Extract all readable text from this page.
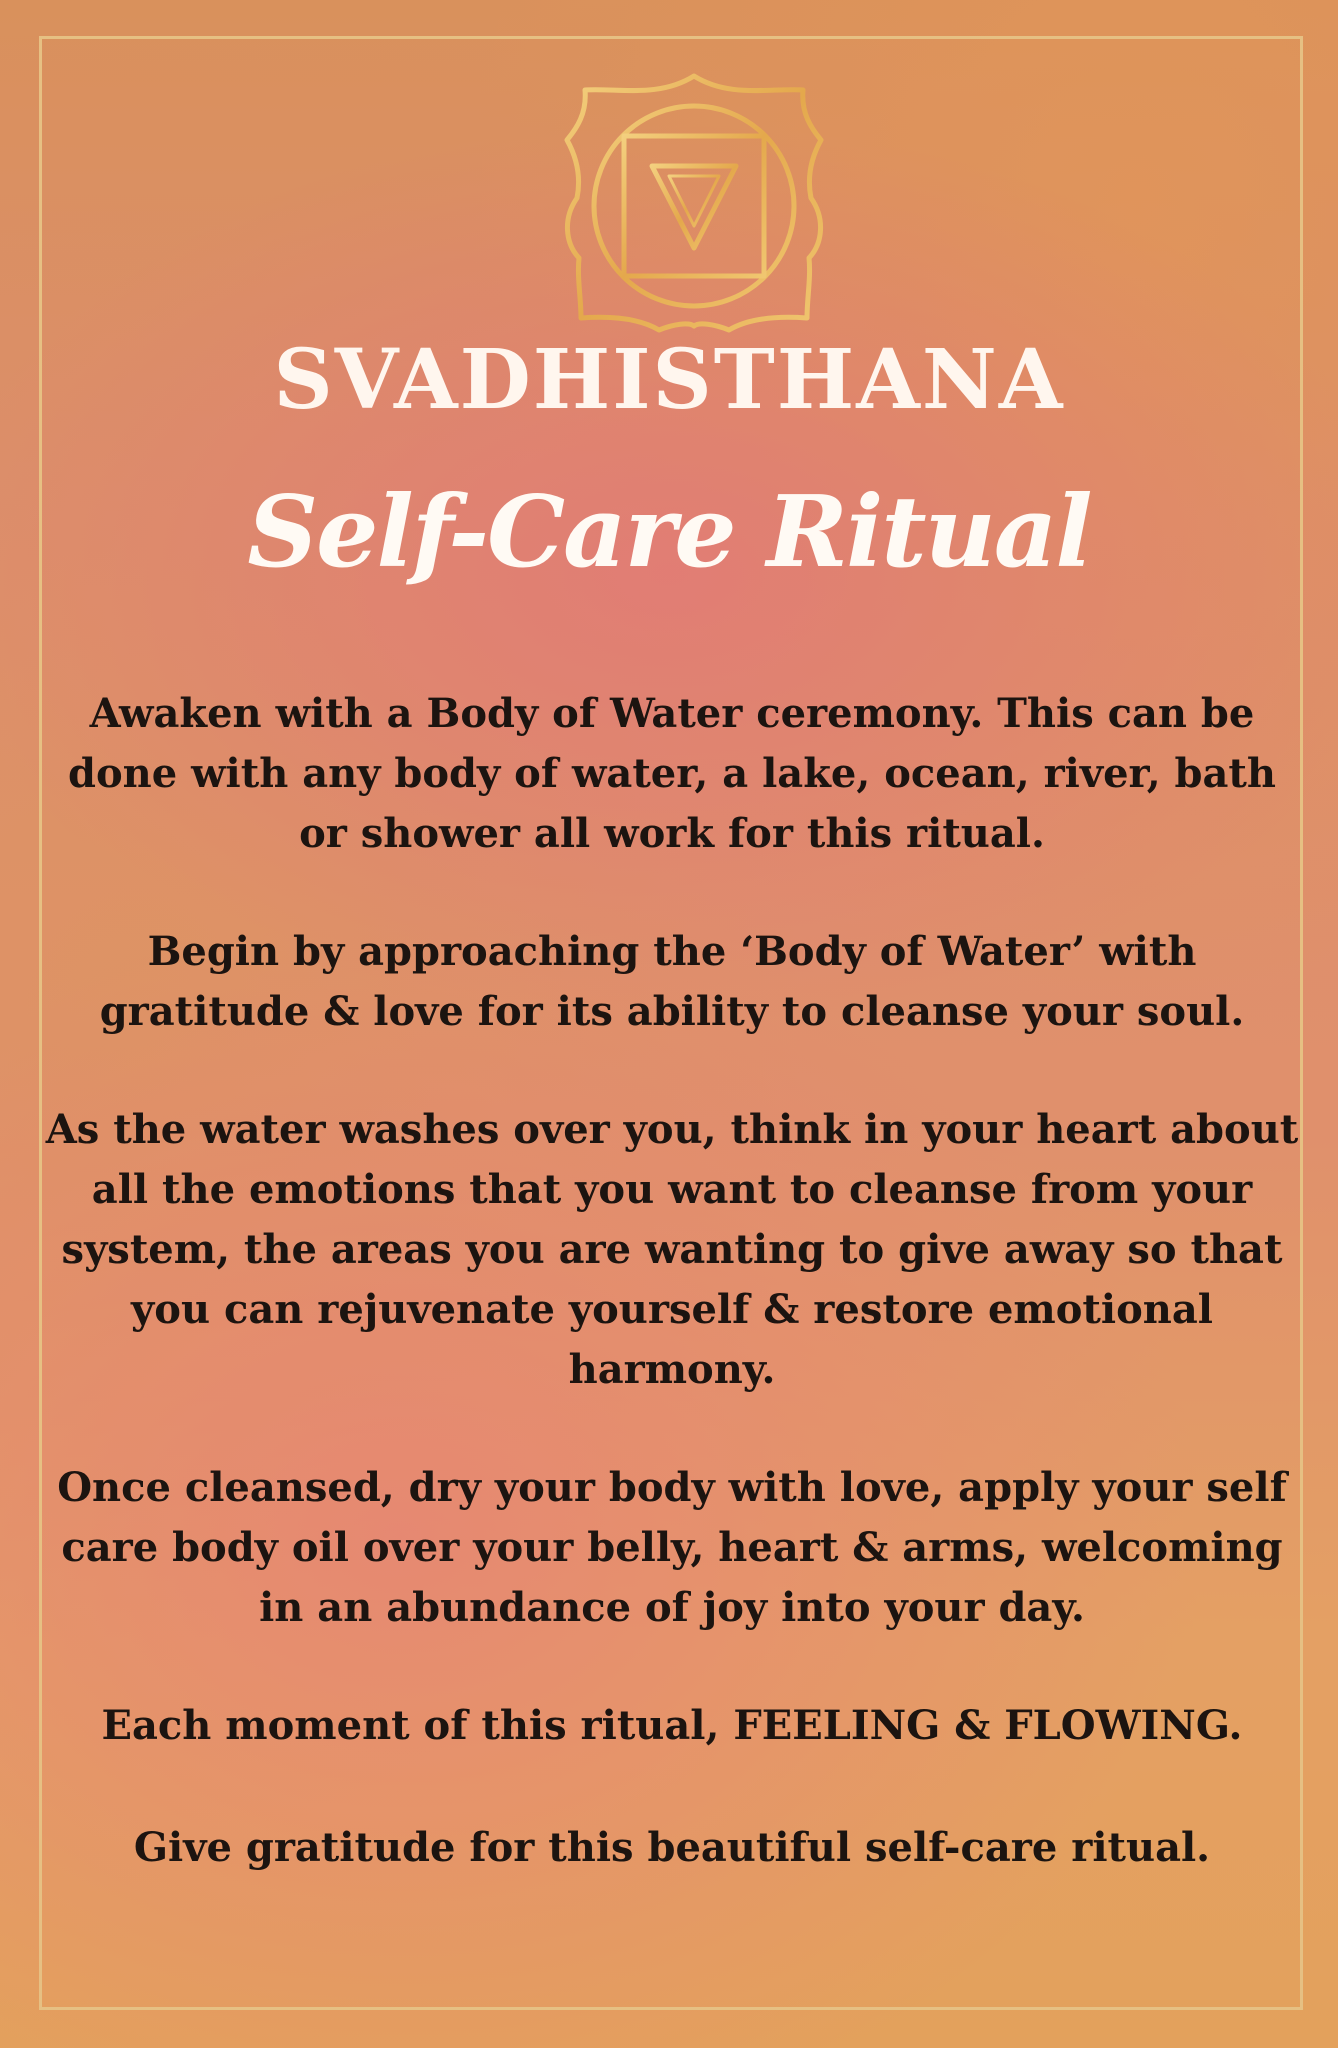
SVADHISTHANA
Self-Care Ritual

Awaken with a Body of Water ceremony. This can be done with any body of water, a lake, ocean, river, bath or shower all work for this ritual.

Begin by approaching the ‘Body of Water’ with gratitude & love for its ability to cleanse your soul.

As the water washes over you, think in your heart about all the emotions that you want to cleanse from your system, the areas you are wanting to give away so that you can rejuvenate yourself & restore emotional harmony.

Once cleansed, dry your body with love, apply your self care body oil over your belly, heart & arms, welcoming in an abundance of joy into your day.

Each moment of this ritual, FEELING & FLOWING.

Give gratitude for this beautiful self-care ritual.
